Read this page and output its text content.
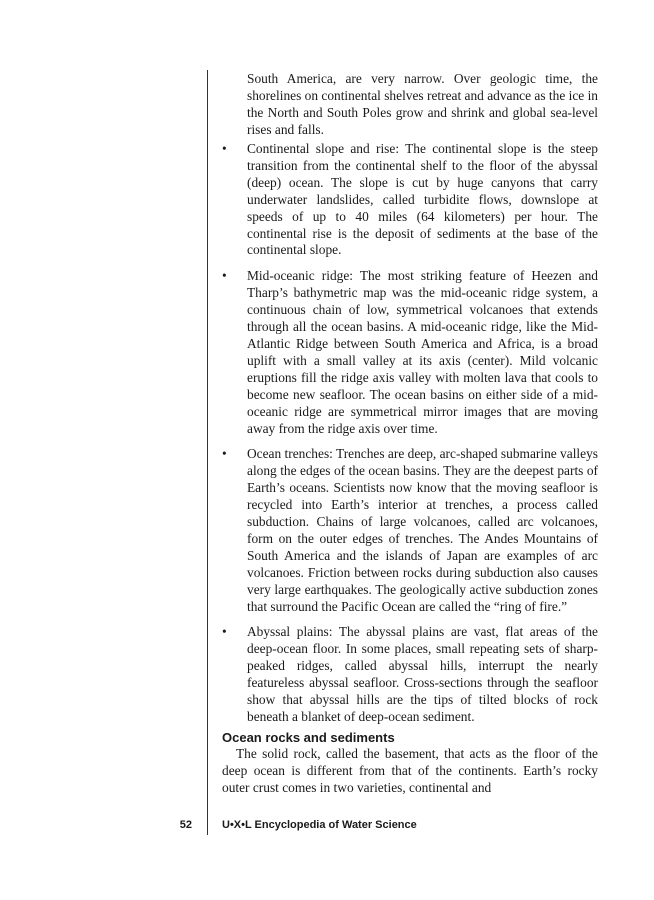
South America, are very narrow. Over geologic time, the shorelines on continental shelves retreat and advance as the ice in the North and South Poles grow and shrink and global sea-level rises and falls.

•	Continental slope and rise: The continental slope is the steep transition from the continental shelf to the floor of the abyssal (deep) ocean. The slope is cut by huge canyons that carry underwater landslides, called turbidite flows, downslope at speeds of up to 40 miles (64 kilometers) per hour. The continental rise is the deposit of sediments at the base of the continental slope.

•	Mid-oceanic ridge: The most striking feature of Heezen and Tharp’s bathymetric map was the mid-oceanic ridge system, a continuous chain of low, symmetrical volcanoes that extends through all the ocean basins. A mid-oceanic ridge, like the Mid-Atlantic Ridge between South America and Africa, is a broad uplift with a small valley at its axis (center). Mild volcanic eruptions fill the ridge axis valley with molten lava that cools to become new seafloor. The ocean basins on either side of a mid-oceanic ridge are symmetrical mirror images that are moving away from the ridge axis over time.

•	Ocean trenches: Trenches are deep, arc-shaped submarine valleys along the edges of the ocean basins. They are the deepest parts of Earth’s oceans. Scientists now know that the moving seafloor is recycled into Earth’s interior at trenches, a process called subduction. Chains of large volcanoes, called arc volcanoes, form on the outer edges of trenches. The Andes Mountains of South America and the islands of Japan are examples of arc volcanoes. Friction between rocks during subduction also causes very large earthquakes. The geologically active subduction zones that surround the Pacific Ocean are called the “ring of fire.”

•	Abyssal plains: The abyssal plains are vast, flat areas of the deep-ocean floor. In some places, small repeating sets of sharp-peaked ridges, called abyssal hills, interrupt the nearly featureless abyssal seafloor. Cross-sections through the seafloor show that abyssal hills are the tips of tilted blocks of rock beneath a blanket of deep-ocean sediment.

Ocean rocks and sediments

The solid rock, called the basement, that acts as the floor of the deep ocean is different from that of the continents. Earth’s rocky outer crust comes in two varieties, continental and

52	U•X•L Encyclopedia of Water Science
